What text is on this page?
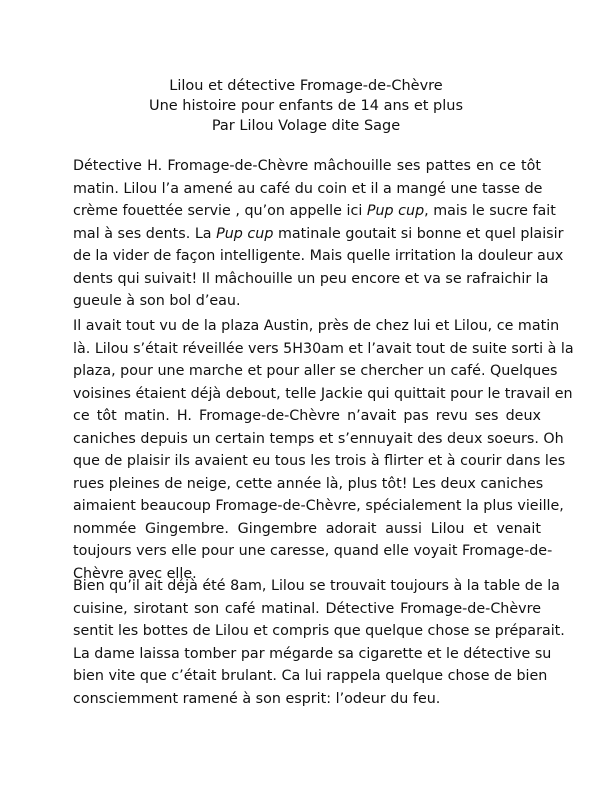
Lilou et détective Fromage-de-Chèvre
Une histoire pour enfants de 14 ans et plus
Par Lilou Volage dite Sage
Détective H. Fromage-de-Chèvre mâchouille ses pattes en ce tôt
matin. Lilou l’a amené au café du coin et il a mangé une tasse de
crème fouettée servie , qu’on appelle ici Pup cup, mais le sucre fait
mal à ses dents. La Pup cup matinale goutait si bonne et quel plaisir
de la vider de façon intelligente. Mais quelle irritation la douleur aux
dents qui suivait! Il mâchouille un peu encore et va se rafraichir la
gueule à son bol d’eau.
Il avait tout vu de la plaza Austin, près de chez lui et Lilou, ce matin
là. Lilou s’était réveillée vers 5H30am et l’avait tout de suite sorti à la
plaza, pour une marche et pour aller se chercher un café. Quelques
voisines étaient déjà debout, telle Jackie qui quittait pour le travail en
ce tôt matin. H. Fromage-de-Chèvre n’avait pas revu ses deux
caniches depuis un certain temps et s’ennuyait des deux soeurs. Oh
que de plaisir ils avaient eu tous les trois à flirter et à courir dans les
rues pleines de neige, cette année là, plus tôt! Les deux caniches
aimaient beaucoup Fromage-de-Chèvre, spécialement la plus vieille,
nommée Gingembre. Gingembre adorait aussi Lilou et venait
toujours vers elle pour une caresse, quand elle voyait Fromage-de-
Chèvre avec elle.
Bien qu’il ait déjà été 8am, Lilou se trouvait toujours à la table de la
cuisine, sirotant son café matinal. Détective Fromage-de-Chèvre
sentit les bottes de Lilou et compris que quelque chose se préparait.
La dame laissa tomber par mégarde sa cigarette et le détective su
bien vite que c’était brulant. Ca lui rappela quelque chose de bien
consciemment ramené à son esprit: l’odeur du feu.
